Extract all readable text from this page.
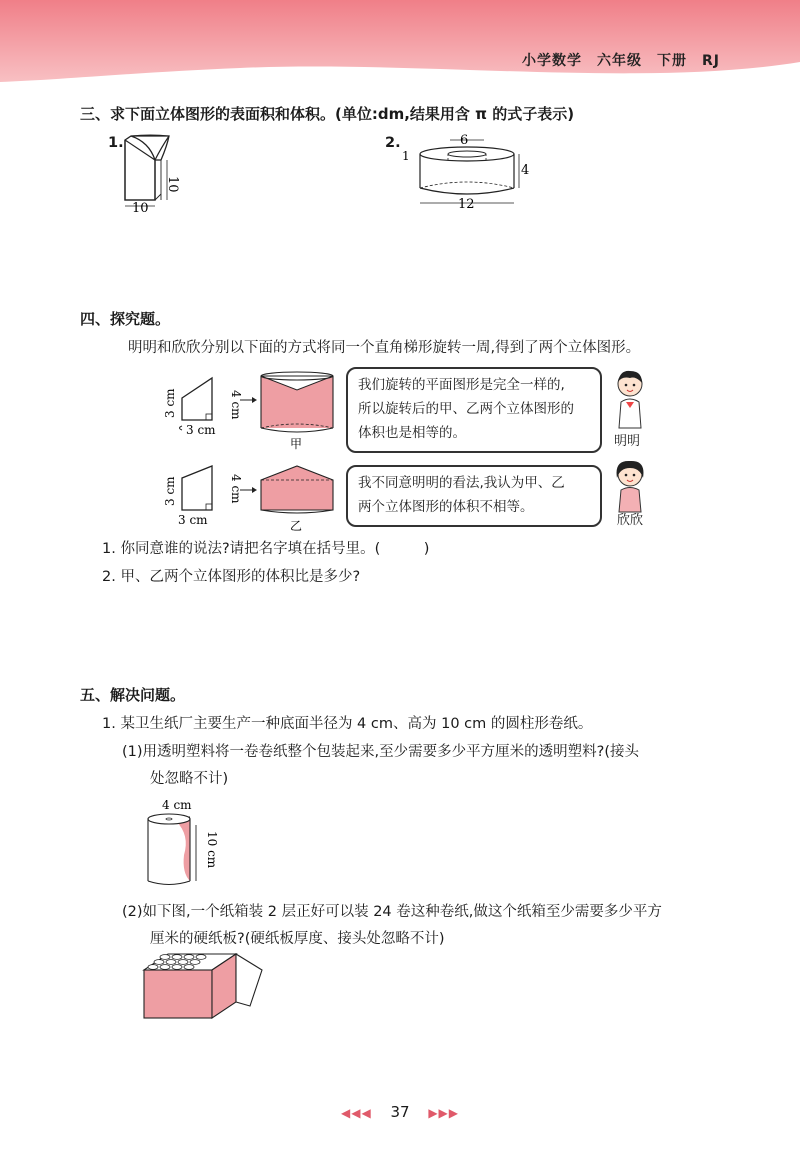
小学数学　六年级　下册　RJ
三、求下面立体图形的表面积和体积。(单位:dm,结果用含 π 的式子表示)
1.	2.
10
10
6
1
4
12
四、探究题。
明明和欣欣分别以下面的方式将同一个直角梯形旋转一周,得到了两个立体图形。
3 cm	4 cm
3 cm
甲
我们旋转的平面图形是完全一样的,
所以旋转后的甲、乙两个立体图形的
体积也是相等的。
明明
3 cm	4 cm
3 cm	乙
我不同意明明的看法,我认为甲、乙
两个立体图形的体积不相等。
欣欣
1. 你同意谁的说法?请把名字填在括号里。(　　　)
2. 甲、乙两个立体图形的体积比是多少?
五、解决问题。
1. 某卫生纸厂主要生产一种底面半径为 4 cm、高为 10 cm 的圆柱形卷纸。
(1)用透明塑料将一卷卷纸整个包装起来,至少需要多少平方厘米的透明塑料?(接头
处忽略不计)
4 cm
10 cm
(2)如下图,一个纸箱装 2 层正好可以装 24 卷这种卷纸,做这个纸箱至少需要多少平方
厘米的硬纸板?(硬纸板厚度、接头处忽略不计)
◀◀◀ 37 ▶▶▶
